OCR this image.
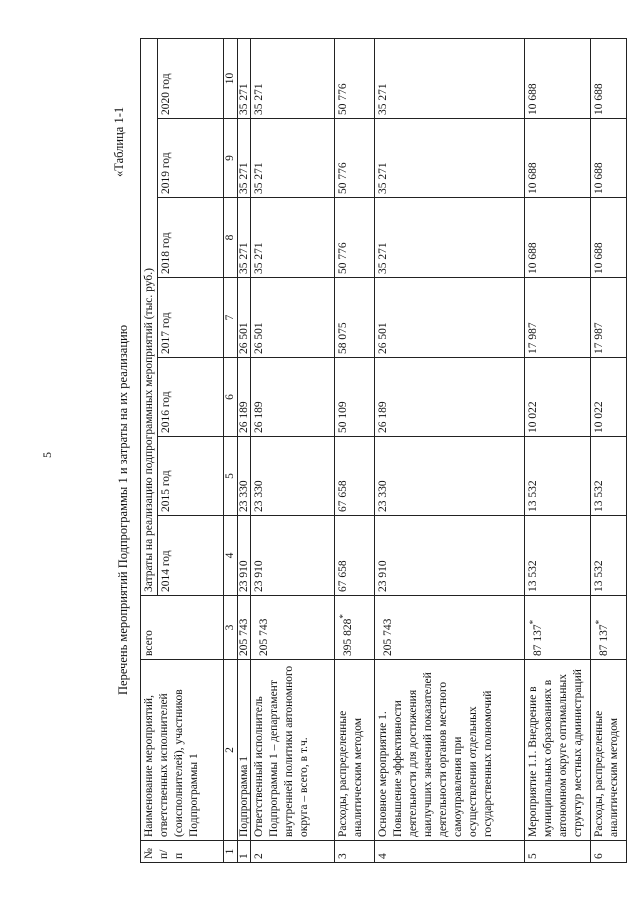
5
«Таблица 1-1
Перечень мероприятий Подпрограммы 1 и затраты на их реализацию
№ п/ п	Наименование мероприятий, ответственных исполнителей (соисполнителей), участников Подпрограммы 1	всего	Затраты на реализацию подпрограммных мероприятий (тыс. руб.)						
			2014 год	2015 год	2016 год	2017 год	2018 год	2019 год	2020 год
1	2	3	4	5	6	7	8	9	10
1	Подпрограмма 1	205 743	23 910	23 330	26 189	26 501	35 271	35 271	35 271
2	Ответственный исполнитель Подпрограммы 1 – департамент внутренней политики автономного округа – всего, в т.ч.	205 743	23 910	23 330	26 189	26 501	35 271	35 271	35 271
3	Расходы, распределенные аналитическим методом	395 828*	67 658	67 658	50 109	58 075	50 776	50 776	50 776
4	Основное мероприятие 1. Повышение эффективности деятельности для достижения наилучших значений показателей деятельности органов местного самоуправления при осуществлении отдельных государственных полномочий	205 743	23 910	23 330	26 189	26 501	35 271	35 271	35 271
5	Мероприятие 1.1. Внедрение в муниципальных образованиях в автономном округе оптимальных структур местных администраций	87 137*	13 532	13 532	10 022	17 987	10 688	10 688	10 688
6	Расходы, распределенные аналитическим методом	87 137*	13 532	13 532	10 022	17 987	10 688	10 688	10 688
